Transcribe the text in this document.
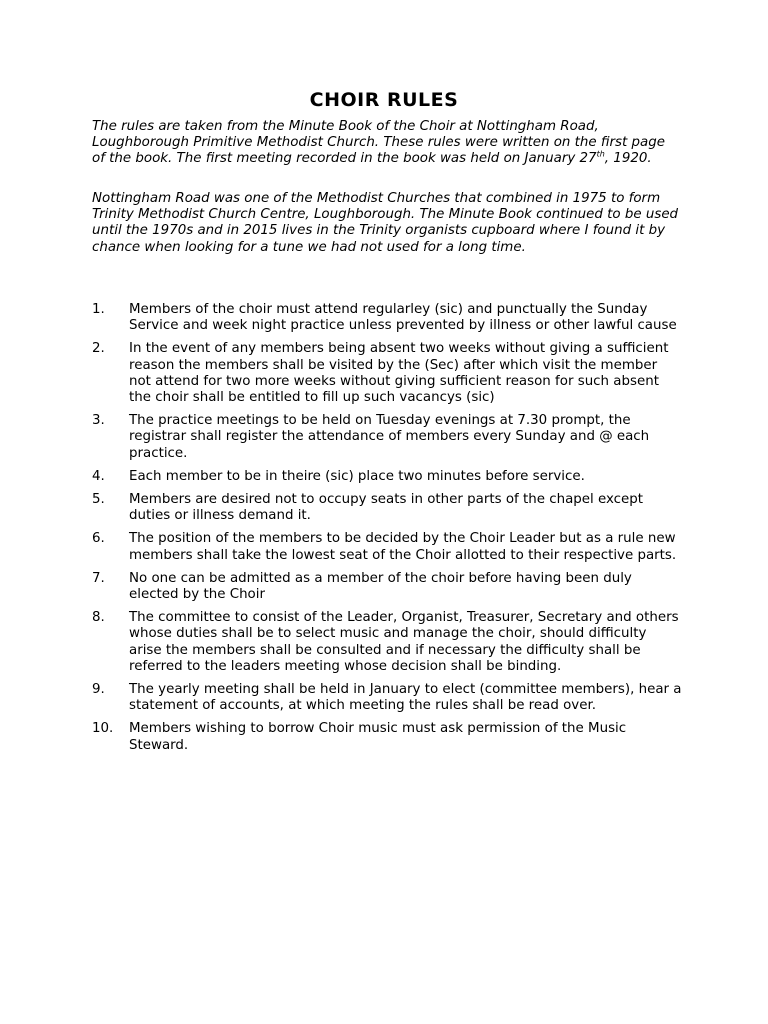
CHOIR RULES

The rules are taken from the Minute Book of the Choir at Nottingham Road, Loughborough Primitive Methodist Church. These rules were written on the first page of the book. The first meeting recorded in the book was held on January 27th, 1920.

Nottingham Road was one of the Methodist Churches that combined in 1975 to form Trinity Methodist Church Centre, Loughborough. The Minute Book continued to be used until the 1970s and in 2015 lives in the Trinity organists cupboard where I found it by chance when looking for a tune we had not used for a long time.

1.	Members of the choir must attend regularley (sic) and punctually the Sunday Service and week night practice unless prevented by illness or other lawful cause
2.	In the event of any members being absent two weeks without giving a sufficient reason the members shall be visited by the (Sec) after which visit the member not attend for two more weeks without giving sufficient reason for such absent the choir shall be entitled to fill up such vacancys (sic)
3.	The practice meetings to be held on Tuesday evenings at 7.30 prompt, the registrar shall register the attendance of members every Sunday and @ each practice.
4.	Each member to be in theire (sic) place two minutes before service.
5.	Members are desired not to occupy seats in other parts of the chapel except duties or illness demand it.
6.	The position of the members to be decided by the Choir Leader but as a rule new members shall take the lowest seat of the Choir allotted to their respective parts.
7.	No one can be admitted as a member of the choir before having been duly elected by the Choir
8.	The committee to consist of the Leader, Organist, Treasurer, Secretary and others whose duties shall be to select music and manage the choir, should difficulty arise the members shall be consulted and if necessary the difficulty shall be referred to the leaders meeting whose decision shall be binding.
9.	The yearly meeting shall be held in January to elect (committee members), hear a statement of accounts, at which meeting the rules shall be read over.
10.	Members wishing to borrow Choir music must ask permission of the Music Steward.
